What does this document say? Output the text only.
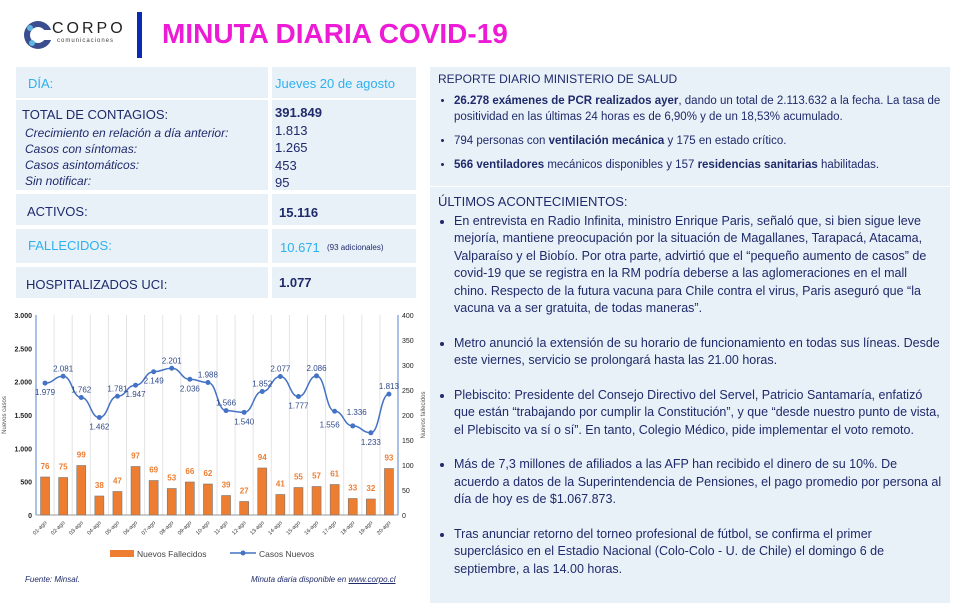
CORPO
comunicaciones MINUTA DIARIA COVID-19
DÍA:	Jueves 20 de agosto
TOTAL DE CONTAGIOS:	391.849
Crecimiento en relación a día anterior:	1.813
Casos con síntomas:	1.265
Casos asintomáticos:	453
Sin notificar:	95
ACTIVOS:	15.116
FALLECIDOS:	10.671 (93 adicionales)
HOSPITALIZADOS UCI:	1.077
0
500
1.000
1.500
2.000
2.500
3.000
0
50
100
150
200
250
300
350
400
Nuevos casos	Nuevos fallecidos
76
01-ago
75
02-ago
99
03-ago
38
04-ago
47
05-ago
97
06-ago
69
07-ago
53
08-ago
66
09-ago
62
10-ago
39
11-ago
27
12-ago
94
13-ago
41
14-ago
55
15-ago
57
16-ago
61
17-ago
33
18-ago
32
19-ago
93
20-ago
1.979
2.081
1.762
1.462
1.781
1.947
2.149
2.201
2.036
1.988
1.566
1.540
1.852
2.077
1.777
2.086
1.556
1.336
1.233
1.813
Nuevos Fallecidos	Casos Nuevos
Fuente: Minsal.	Minuta diaria disponible en www.corpo.cl
REPORTE DIARIO MINISTERIO DE SALUD
• 26.278 exámenes de PCR realizados ayer, dando un total de 2.113.632 a la fecha. La tasa de positividad en las últimas 24 horas es de 6,90% y de un 18,53% acumulado.
• 794 personas con ventilación mecánica y 175 en estado crítico.
• 566 ventiladores mecánicos disponibles y 157 residencias sanitarias habilitadas.
ÚLTIMOS ACONTECIMIENTOS:
• En entrevista en Radio Infinita, ministro Enrique Paris, señaló que, si bien sigue leve mejoría, mantiene preocupación por la situación de Magallanes, Tarapacá, Atacama, Valparaíso y el Biobío. Por otra parte, advirtió que el “pequeño aumento de casos” de covid-19 que se registra en la RM podría deberse a las aglomeraciones en el mall chino. Respecto de la futura vacuna para Chile contra el virus, Paris aseguró que “la vacuna va a ser gratuita, de todas maneras”.
• Metro anunció la extensión de su horario de funcionamiento en todas sus líneas. Desde este viernes, servicio se prolongará hasta las 21.00 horas.
• Plebiscito: Presidente del Consejo Directivo del Servel, Patricio Santamaría, enfatizó que están “trabajando por cumplir la Constitución”, y que “desde nuestro punto de vista, el Plebiscito va sí o sí”. En tanto, Colegio Médico, pide implementar el voto remoto.
• Más de 7,3 millones de afiliados a las AFP han recibido el dinero de su 10%. De acuerdo a datos de la Superintendencia de Pensiones, el pago promedio por persona al día de hoy es de $1.067.873.
• Tras anunciar retorno del torneo profesional de fútbol, se confirma el primer superclásico en el Estadio Nacional (Colo-Colo - U. de Chile) el domingo 6 de septiembre, a las 14.00 horas.
